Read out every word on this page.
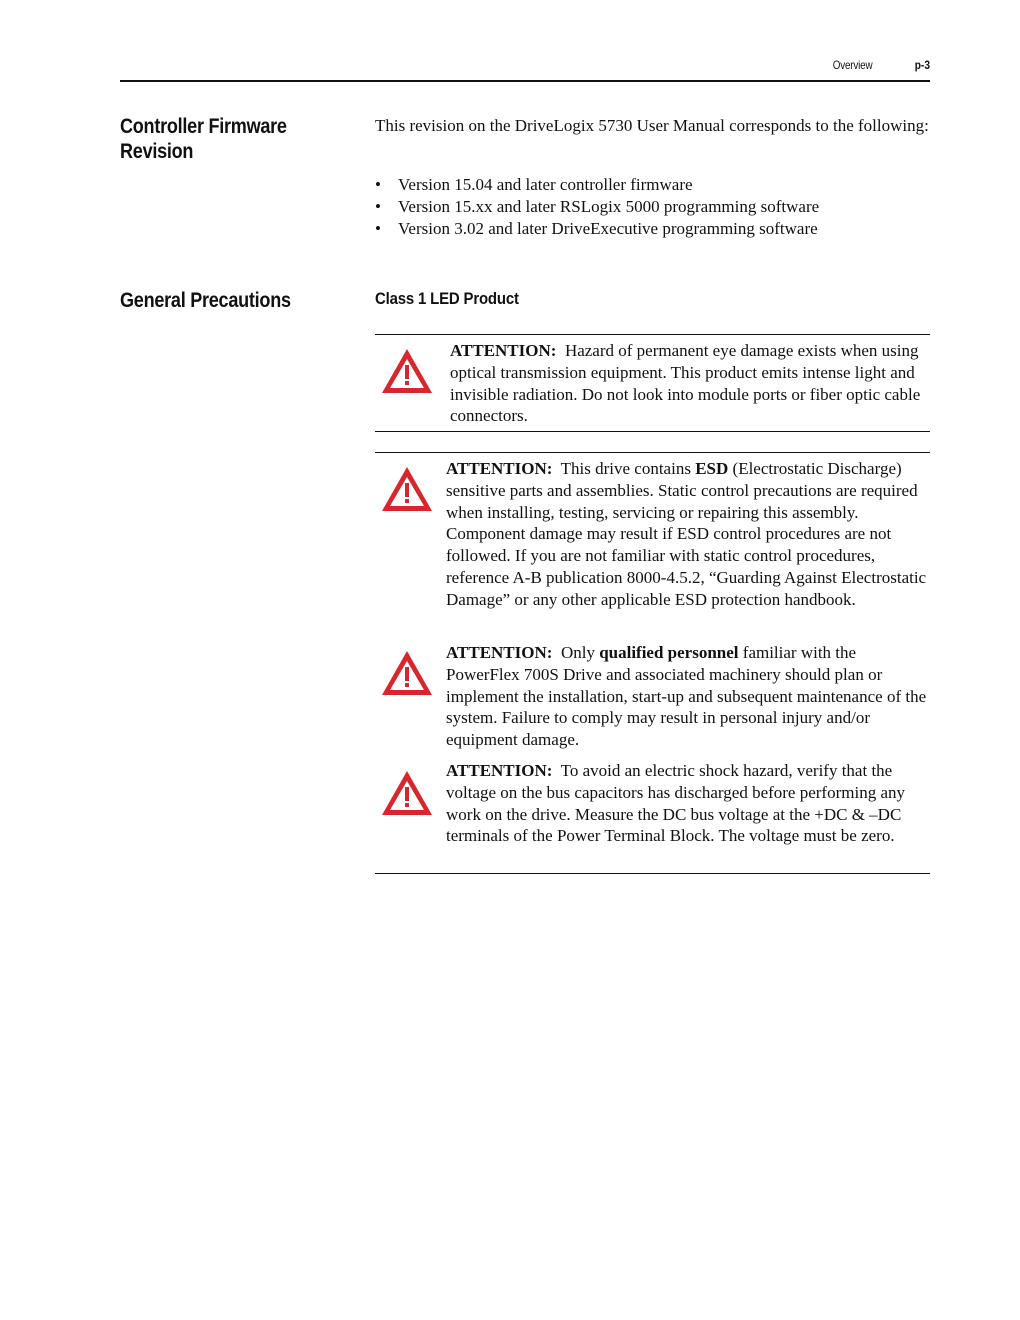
Overview	p-3
Controller Firmware
Revision

This revision on the DriveLogix 5730 User Manual corresponds to the following:

• Version 15.04 and later controller firmware
• Version 15.xx and later RSLogix 5000 programming software
• Version 3.02 and later DriveExecutive programming software
General Precautions	Class 1 LED Product

ATTENTION: Hazard of permanent eye damage exists when using optical transmission equipment. This product emits intense light and invisible radiation. Do not look into module ports or fiber optic cable connectors.

ATTENTION: This drive contains ESD (Electrostatic Discharge) sensitive parts and assemblies. Static control precautions are required when installing, testing, servicing or repairing this assembly. Component damage may result if ESD control procedures are not followed. If you are not familiar with static control procedures, reference A-B publication 8000-4.5.2, “Guarding Against Electrostatic Damage” or any other applicable ESD protection handbook.

ATTENTION: Only qualified personnel familiar with the PowerFlex 700S Drive and associated machinery should plan or implement the installation, start-up and subsequent maintenance of the system. Failure to comply may result in personal injury and/or equipment damage.

ATTENTION: To avoid an electric shock hazard, verify that the voltage on the bus capacitors has discharged before performing any work on the drive. Measure the DC bus voltage at the +DC & –DC terminals of the Power Terminal Block. The voltage must be zero.
